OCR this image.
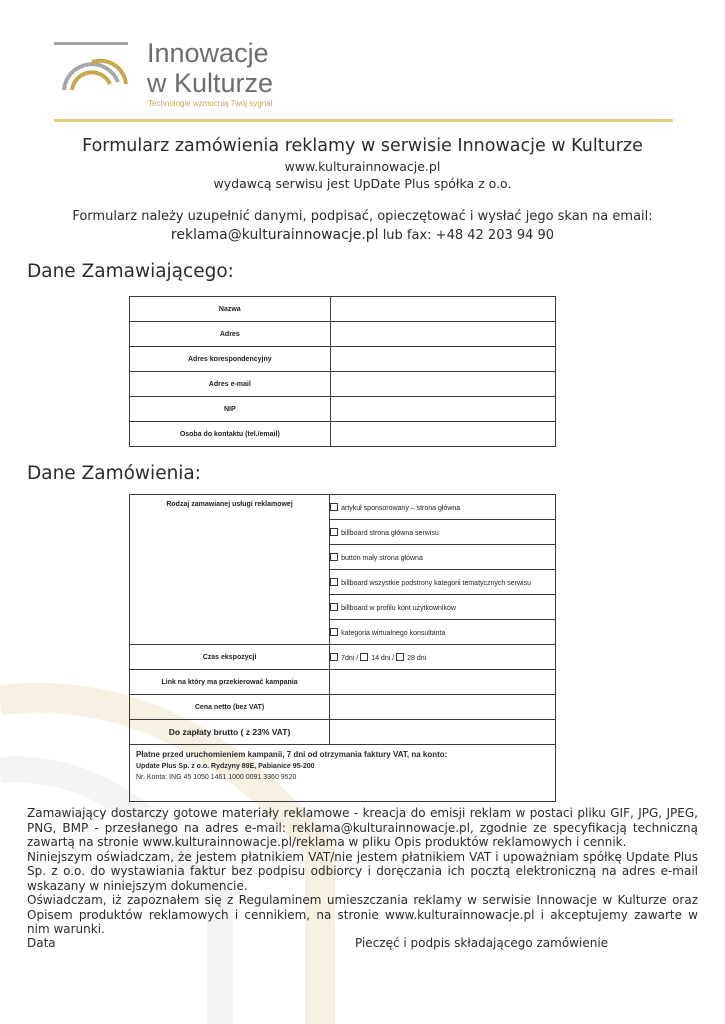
Innowacje
w Kulturze
Technologie wzmocnią Twój sygnał
Formularz zamówienia reklamy w serwisie Innowacje w Kulturze

www.kulturainnowacje.pl

wydawcą serwisu jest UpDate Plus spółka z o.o.

Formularz należy uzupełnić danymi, podpisać, opieczętować i wysłać jego skan na email:

reklama@kulturainnowacje.pl lub fax: +48 42 203 94 90

Dane Zamawiającego:
Nazwa	
Adres	
Adres korespondencyjny	
Adres e-mail	
NIP	
Osoba do kontaktu (tel./email)	
Dane Zamówienia:
Rodzaj zamawianej usługi reklamowej	artykuł sponsorowany – strona główna
	billboard strona główna serwisu
	button mały strona główna
	billboard wszystkie podstrony kategorii tematycznych serwisu
	billboard w profilu kont użytkowników
	kategoria wirtualnego konsultanta
Czas ekspozycji	7dni / 14 dni / 28 dni
Link na który ma przekierować kampania	
Cena netto (bez VAT)	
Do zapłaty brutto ( z 23% VAT)	

Płatne przed uruchomieniem kampanii, 7 dni od otrzymania faktury VAT, na konto:
Update Plus Sp. z o.o. Rydzyny 89E, Pabianice 95-200
Nr. Konta: ING 45 1050 1461 1000 0091 3360 9520	

Zamawiający dostarczy gotowe materiały reklamowe - kreacja do emisji reklam w postaci pliku GIF, JPG, JPEG, PNG, BMP - przesłanego na adres e-mail: reklama@kulturainnowacje.pl, zgodnie ze specyfikacją techniczną zawartą na stronie www.kulturainnowacje.pl/reklama w pliku Opis produktów reklamowych i cennik.

Niniejszym oświadczam, że jestem płatnikiem VAT/nie jestem płatnikiem VAT i upoważniam spółkę Update Plus Sp. z o.o. do wystawiania faktur bez podpisu odbiorcy i doręczania ich pocztą elektroniczną na adres e-mail wskazany w niniejszym dokumencie.

Oświadczam, iż zapoznałem się z Regulaminem umieszczania reklamy w serwisie Innowacje w Kulturze oraz Opisem produktów reklamowych i cennikiem, na stronie www.kulturainnowacje.pl i akceptujemy zawarte w nim warunki.

Data	Pieczęć i podpis składającego zamówienie
